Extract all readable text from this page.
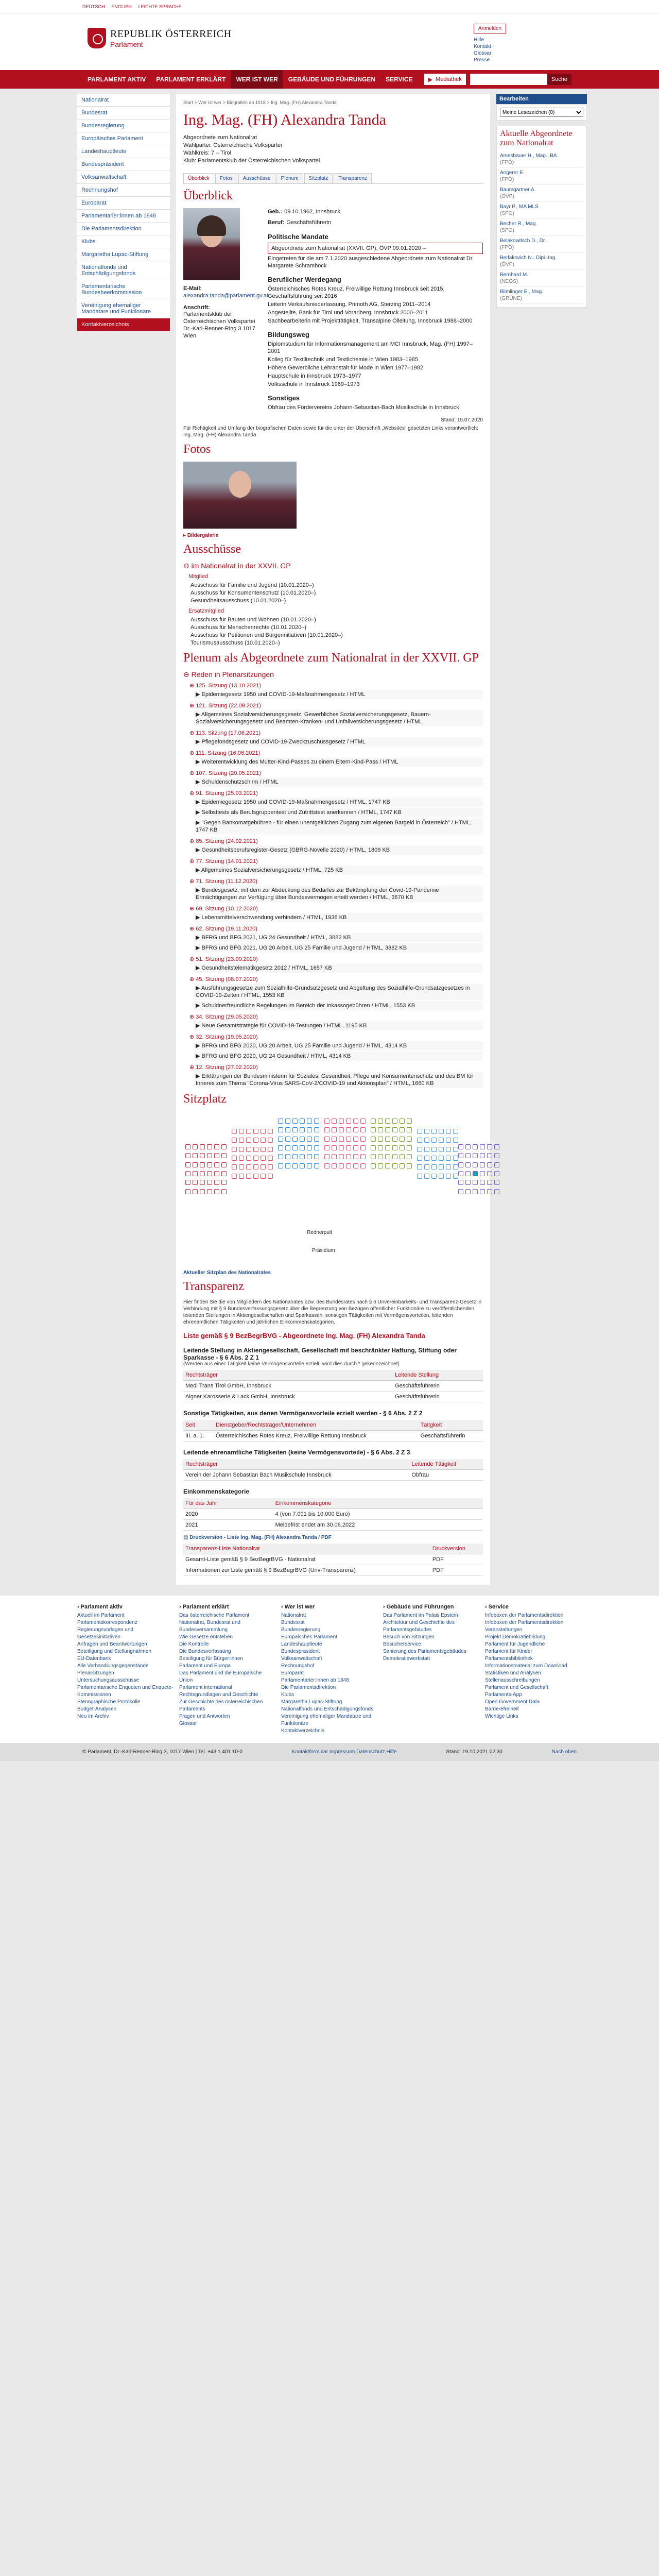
DEUTSCH ENGLISH LEICHTE SPRACHE
REPUBLIK ÖSTERREICH
Parlament
Anmelden
Hilfe
Kontakt
Glossar
Presse
PARLAMENT AKTIV	PARLAMENT ERKLÄRT	WER IST WER	GEBÄUDE UND FÜHRUNGEN	SERVICE	▶ Mediathek	Suche
Nationalrat
Bundesrat
Bundesregierung
Europäisches Parlament
Landeshauptleute
Bundespräsident
Volksanwaltschaft
Rechnungshof
Europarat
Parlamentarier:innen ab 1848
Die Parlamentsdirektion
Klubs
Margaretha Lupac-Stiftung
Nationalfonds und Entschädigungsfonds
Parlamentarische Bundesheerkommission
Vereinigung ehemaliger Mandatare und Funktionäre
Kontaktverzeichnis
Start > Wer ist wer > Biografien ab 1918 > Ing. Mag. (FH) Alexandra Tanda
Ing. Mag. (FH) Alexandra Tanda

Abgeordnete zum Nationalrat

Wahlpartei: Österreichische Volkspartei

Wahlkreis: 7 – Tirol

Klub: Parlamentsklub der Österreichischen Volkspartei

Überblick	Fotos	Ausschüsse	Plenum	Sitzplatz	Transparenz
Überblick
E-Mail:
alexandra.tanda@parlament.gv.at
Anschrift:
Parlamentsklub der Österreichischen Volkspartei Dr.-Karl-Renner-Ring 3 1017 Wien
Geb.: 09.10.1962, Innsbruck
Beruf: Geschäftsführerin
Politische Mandate
Abgeordnete zum Nationalrat (XXVII. GP), ÖVP 09.01.2020 –

Eingetreten für die am 7.1.2020 ausgeschiedene Abgeordnete zum Nationalrat Dr. Margarete Schramböck

Beruflicher Werdegang

Österreichisches Rotes Kreuz, Freiwillige Rettung Innsbruck seit 2015, Geschäftsführung seit 2016

Leiterin Verkaufsniederlassung, Primoth AG, Sterzing 2011–2014

Angestellte, Bank für Tirol und Vorarlberg, Innsbruck 2000–2011

Sachbearbeiterin mit Projekttätigkeit, Transalpine Ölleitung, Innsbruck 1988–2000

Bildungsweg

Diplomstudium für Informationsmanagement am MCI Innsbruck, Mag. (FH) 1997–2001

Kolleg für Textiltechnik und Textilchemie in Wien 1983–1985

Höhere Gewerbliche Lehranstalt für Mode in Wien 1977–1982

Hauptschule in Innsbruck 1973–1977

Volksschule in Innsbruck 1969–1973

Sonstiges

Obfrau des Fördervereins Johann-Sebastian-Bach Musikschule in Innsbruck

Stand: 15.07.2020
Für Richtigkeit und Umfang der biografischen Daten sowie für die unter der Überschrift „Websites“ gesetzten Links verantwortlich: Ing. Mag. (FH) Alexandra Tanda
Fotos
▸ Bildergalerie
Ausschüsse
⊖ im Nationalrat in der XXVII. GP
Mitglied

Ausschuss für Familie und Jugend (10.01.2020–)

Ausschuss für Konsumentenschutz (10.01.2020–)

Gesundheitsausschuss (10.01.2020–)

Ersatzmitglied

Ausschuss für Bauten und Wohnen (10.01.2020–)

Ausschuss für Menschenrechte (10.01.2020–)

Ausschuss für Petitionen und Bürgerinitiativen (10.01.2020–)

Tourismusausschuss (10.01.2020–)

Plenum als Abgeordnete zum Nationalrat in der XXVII. GP
⊖ Reden in Plenarsitzungen
⊕ 125. Sitzung (13.10.2021)
▶ Epidemiegesetz 1950 und COVID-19-Maßnahmengesetz / HTML
⊕ 121. Sitzung (22.09.2021)
▶ Allgemeines Sozialversicherungsgesetz, Gewerbliches Sozialversicherungsgesetz, Bauern-Sozialversicherungsgesetz und Beamten-Kranken- und Unfallversicherungsgesetz / HTML
⊕ 113. Sitzung (17.06.2021)
▶ Pflegefondsgesetz und COVID-19-Zweckzuschussgesetz / HTML
⊕ 111. Sitzung (16.06.2021)
▶ Weiterentwicklung des Mutter-Kind-Passes zu einem Eltern-Kind-Pass / HTML
⊕ 107. Sitzung (20.05.2021)
▶ Schuldenschutzschirm / HTML
⊕ 91. Sitzung (25.03.2021)
▶ Epidemiegesetz 1950 und COVID-19-Maßnahmengesetz / HTML, 1747 KB
▶ Selbsttests als Berufsgruppentest und Zutrittstest anerkennen / HTML, 1747 KB
▶ "Gegen Bankomatgebühren - für einen unentgeltlichen Zugang zum eigenen Bargeld in Österreich" / HTML, 1747 KB
⊕ 85. Sitzung (24.02.2021)
▶ Gesundheitsberufsregister-Gesetz (GBRG-Novelle 2020) / HTML, 1809 KB
⊕ 77. Sitzung (14.01.2021)
▶ Allgemeines Sozialversicherungsgesetz / HTML, 725 KB
⊕ 71. Sitzung (11.12.2020)
▶ Bundesgesetz, mit dem zur Abdeckung des Bedarfes zur Bekämpfung der Covid-19-Pandemie Ermächtigungen zur Verfügung über Bundesvermögen erteilt werden / HTML, 3670 KB
⊕ 69. Sitzung (10.12.2020)
▶ Lebensmittelverschwendung verhindern / HTML, 1936 KB
⊕ 62. Sitzung (19.11.2020)
▶ BFRG und BFG 2021, UG 24 Gesundheit / HTML, 3882 KB
▶ BFRG und BFG 2021, UG 20 Arbeit, UG 25 Familie und Jugend / HTML, 3882 KB
⊕ 51. Sitzung (23.09.2020)
▶ Gesundheitstelematikgesetz 2012 / HTML, 1657 KB
⊕ 45. Sitzung (08.07.2020)
▶ Ausführungsgesetze zum Sozialhilfe-Grundsatzgesetz und Abgeltung des Sozialhilfe-Grundsatzgesetzes in COVID-19-Zeiten / HTML, 1553 KB
▶ Schuldnerfreundliche Regelungen im Bereich der Inkassogebühren / HTML, 1553 KB
⊕ 34. Sitzung (29.05.2020)
▶ Neue Gesamtstrategie für COVID-19-Testungen / HTML, 1195 KB
⊕ 32. Sitzung (19.05.2020)
▶ BFRG und BFG 2020, UG 20 Arbeit, UG 25 Familie und Jugend / HTML, 4314 KB
▶ BFRG und BFG 2020, UG 24 Gesundheit / HTML, 4314 KB
⊕ 12. Sitzung (27.02.2020)
▶ Erklärungen der Bundesministerin für Soziales, Gesundheit, Pflege und Konsumentenschutz und des BM für Inneres zum Thema "Corona-Virus SARS-CoV-2/COVID-19 und Aktionsplan" / HTML, 1660 KB
Sitzplatz
Rednerpult
Präsidium
Aktueller Sitzplan des Nationalrates
Transparenz

Hier finden Sie die von Mitgliedern des Nationalrates bzw. des Bundesrates nach § 6 Unvereinbarkeits- und Transparenz-Gesetz in Verbindung mit § 9 Bundesverfassungsgesetz über die Begrenzung von Bezügen öffentlicher Funktionäre zu veröffentlichenden leitenden Stellungen in Aktiengesellschaften und Sparkassen, sonstigen Tätigkeiten mit Vermögensvorteilen, leitenden ehrenamtlichen Tätigkeiten und jährlichen Einkommenskategorien.

Liste gemäß § 9 BezBegrBVG - Abgeordnete Ing. Mag. (FH) Alexandra Tanda
Leitende Stellung in Aktiengesellschaft, Gesellschaft mit beschränkter Haftung, Stiftung oder Sparkasse - § 6 Abs. 2 Z 1
(Werden aus einer Tätigkeit keine Vermögensvorteile erzielt, wird dies durch * gekennzeichnet)
Rechtsträger	Leitende Stellung
Medi Trans Tirol GmbH, Innsbruck	Geschäftsführerin
Aigner Karosserie & Lack GmbH, Innsbruck	Geschäftsführerin
Sonstige Tätigkeiten, aus denen Vermögensvorteile erzielt werden - § 6 Abs. 2 Z 2
Seit	Dienstgeber/Rechtsträger/Unternehmen	Tätigkeit
III. a. 1.	Österreichisches Rotes Kreuz, Freiwillige Rettung Innsbruck	Geschäftsführerin
Leitende ehrenamtliche Tätigkeiten (keine Vermögensvorteile) - § 6 Abs. 2 Z 3
Rechtsträger	Leitende Tätigkeit
Verein der Johann Sebastian Bach Musikschule Innsbruck	Obfrau
Einkommenskategorie
Für das Jahr	Einkommenskategorie
2020	4 (von 7.001 bis 10.000 Euro)
2021	Meldefrist endet am 30.06.2022
▤ Druckversion - Liste Ing. Mag. (FH) Alexandra Tanda / PDF
Transparenz-Liste Nationalrat	Druckversion
Gesamt-Liste gemäß § 9 BezBegrBVG - Nationalrat	PDF
Informationen zur Liste gemäß § 9 BezBegrBVG (Unv-Transparenz)	PDF
Bearbeiten
Meine Lesezeichen (0)
Aktuelle Abgeordnete zum Nationalrat
Amesbauer H., Mag., BA
(FPÖ)
Angerer E.
(FPÖ)
Baumgartner A.
(ÖVP)
Bayr P., MA MLS
(SPÖ)
Becher R., Mag.
(SPÖ)
Belakowitsch D., Dr.
(FPÖ)
Berlakovich N., Dipl.-Ing.
(ÖVP)
Bernhard M.
(NEOS)
Blimlinger E., Mag.
(GRÜNE)
› Parlament aktiv
Aktuell im Parlament
Parlamentskorrespondenz
Regierungsvorlagen und Gesetzesinitiativen
Anfragen und Beantwortungen
Beteiligung und Stellungnahmen
EU-Datenbank
Alle Verhandlungsgegenstände
Plenarsitzungen
Untersuchungsausschüsse
Parlamentarische Enqueten und Enquete-Kommissionen
Stenographische Protokolle
Budget-Analysen
Neu im Archiv
› Parlament erklärt
Das österreichische Parlament
Nationalrat, Bundesrat und Bundesversammlung
Wie Gesetze entstehen
Die Kontrolle
Die Bundesverfassung
Beteiligung für Bürger:innen
Parlament und Europa
Das Parlament und die Europäische Union
Parlament international
Rechtsgrundlagen und Geschichte
Zur Geschichte des österreichischen Parlaments
Fragen und Antworten
Glossar
› Wer ist wer
Nationalrat
Bundesrat
Bundesregierung
Europäisches Parlament
Landeshauptleute
Bundespräsident
Volksanwaltschaft
Rechnungshof
Europarat
Parlamentarier:innen ab 1848
Die Parlamentsdirektion
Klubs
Margaretha Lupac-Stiftung
Nationalfonds und Entschädigungsfonds
Vereinigung ehemaliger Mandatare und Funktionäre
Kontaktverzeichnis
› Gebäude und Führungen
Das Parlament im Palais Epstein
Architektur und Geschichte des Parlamentsgebäudes
Besuch von Sitzungen
Besucherservice
Sanierung des Parlamentsgebäudes
Demokratiewerkstatt
› Service
Infoboxen der Parlamentsdirektion
Infoboxen der Parlamentsdirektion
Veranstaltungen
Projekt Demokratiebildung
Parlament für Jugendliche
Parlament für Kinder
Parlamentsbibliothek
Informationsmaterial zum Download
Statistiken und Analysen
Stellenausschreibungen
Parlament und Gesellschaft
Parlaments-App
Open Government Data
Barrierefreiheit
Wichtige Links
© Parlament, Dr.-Karl-Renner-Ring 3, 1017 Wien | Tel. +43 1 401 10-0	Kontaktformular Impressum Datenschutz Hilfe	Stand: 19.10.2021 02:30	Nach oben
